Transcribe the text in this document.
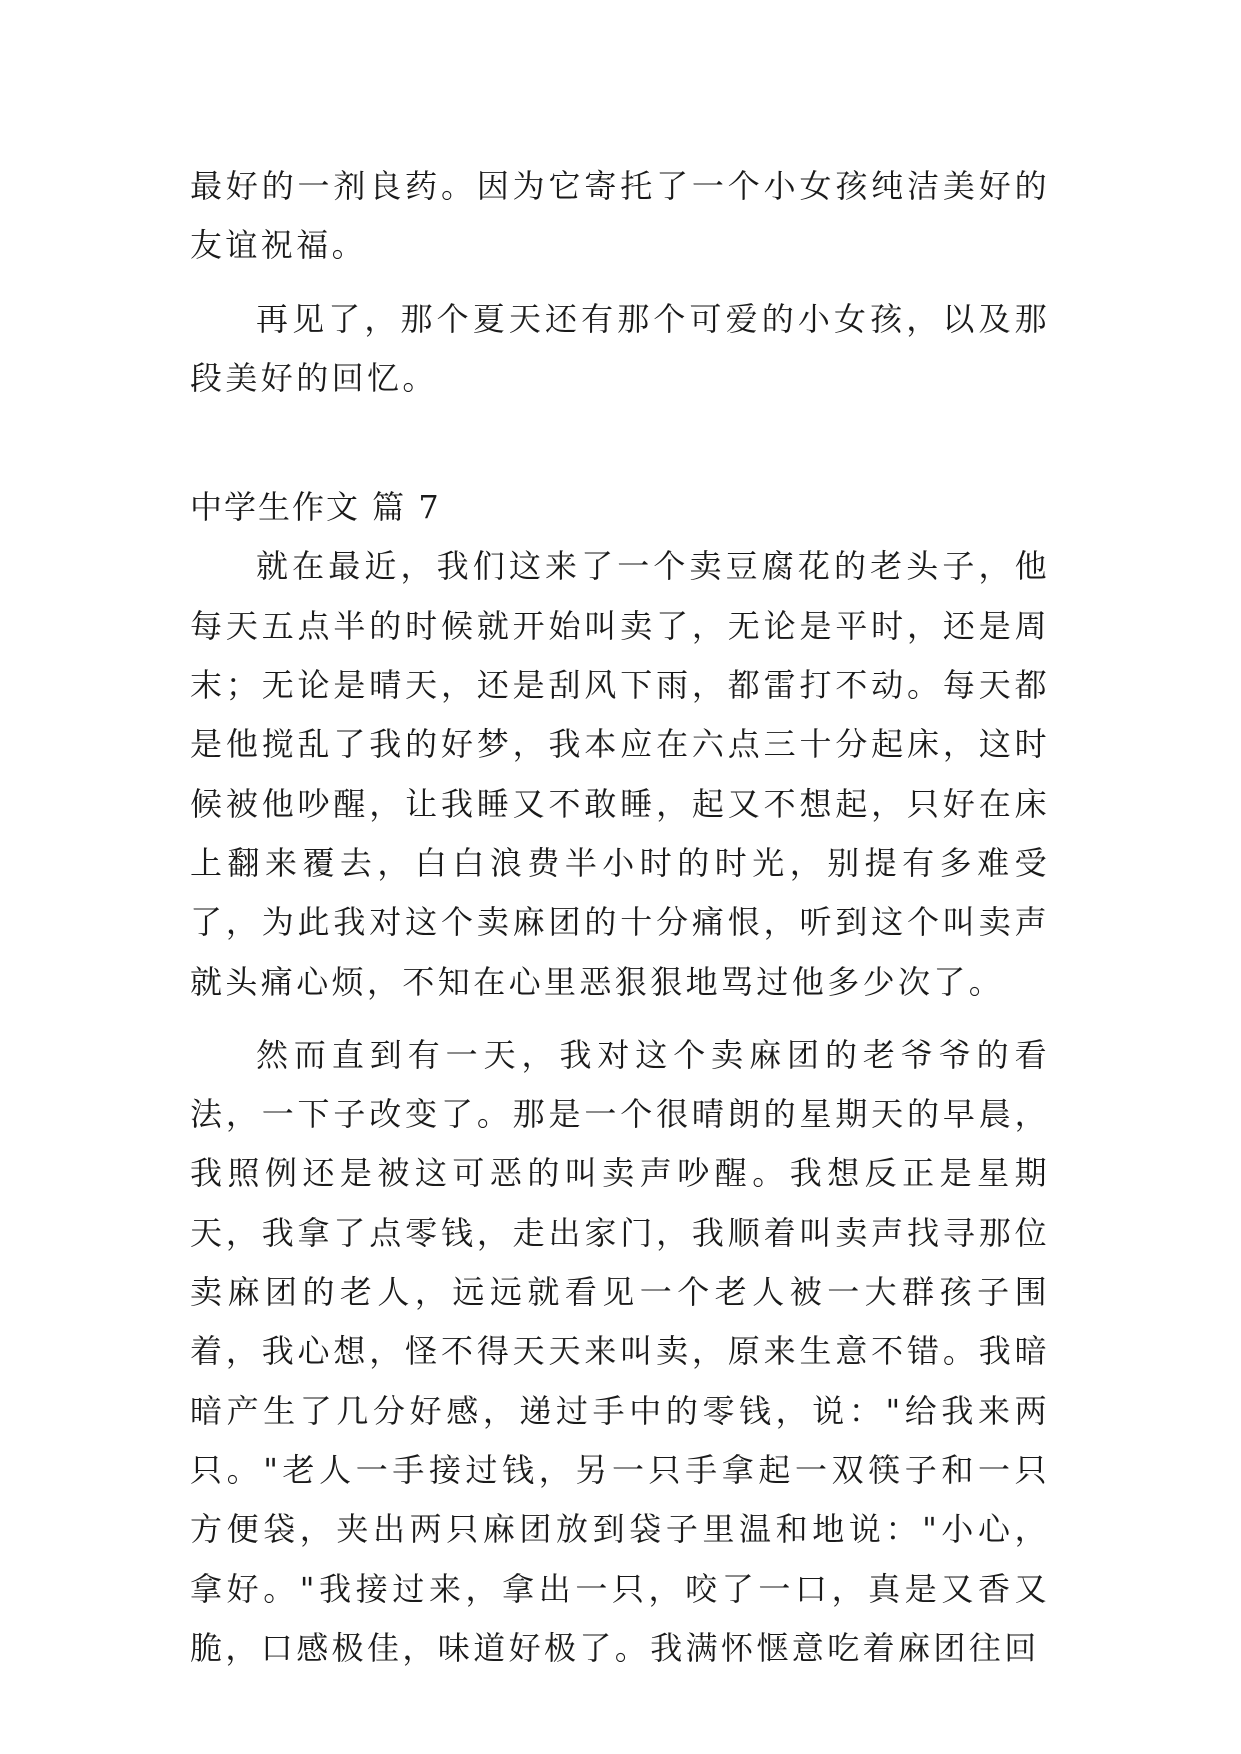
最好的一剂良药。因为它寄托了一个小女孩纯洁美好的友谊祝福。

再见了，那个夏天还有那个可爱的小女孩，以及那段美好的回忆。

中学生作文 篇 7

就在最近，我们这来了一个卖豆腐花的老头子，他每天五点半的时候就开始叫卖了，无论是平时，还是周末；无论是晴天，还是刮风下雨，都雷打不动。每天都是他搅乱了我的好梦，我本应在六点三十分起床，这时候被他吵醒，让我睡又不敢睡，起又不想起，只好在床上翻来覆去，白白浪费半小时的时光，别提有多难受了，为此我对这个卖麻团的十分痛恨，听到这个叫卖声就头痛心烦，不知在心里恶狠狠地骂过他多少次了。

然而直到有一天，我对这个卖麻团的老爷爷的看法，一下子改变了。那是一个很晴朗的星期天的早晨，我照例还是被这可恶的叫卖声吵醒。我想反正是星期天，我拿了点零钱，走出家门，我顺着叫卖声找寻那位卖麻团的老人，远远就看见一个老人被一大群孩子围着，我心想，怪不得天天来叫卖，原来生意不错。我暗暗产生了几分好感，递过手中的零钱，说："给我来两只。"老人一手接过钱，另一只手拿起一双筷子和一只方便袋，夹出两只麻团放到袋子里温和地说："小心，拿好。"我接过来，拿出一只，咬了一口，真是又香又脆，口感极佳，味道好极了。我满怀惬意吃着麻团往回
